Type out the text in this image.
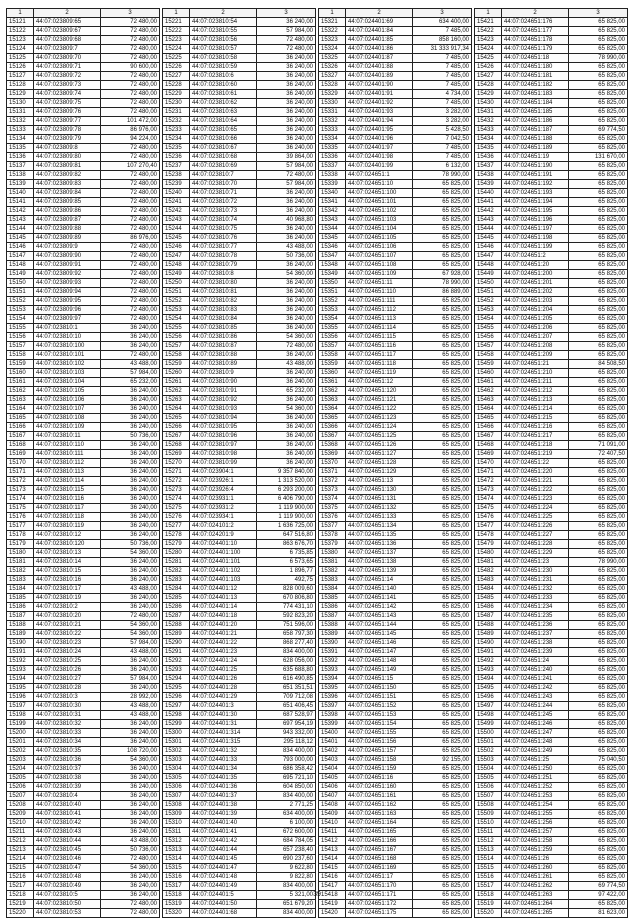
1	2	3
15121	44:07:023809:65	72 480,00
15122	44:07:023809:67	72 480,00
15123	44:07:023809:68	72 480,00
15124	44:07:023809:7	72 480,00
15125	44:07:023809:70	72 480,00
15126	44:07:023809:71	90 600,00
15127	44:07:023809:72	72 480,00
15128	44:07:023809:73	72 480,00
15129	44:07:023809:74	72 480,00
15130	44:07:023809:75	72 480,00
15131	44:07:023809:76	72 480,00
15132	44:07:023809:77	101 472,00
15133	44:07:023809:78	86 976,00
15134	44:07:023809:79	94 224,00
15135	44:07:023809:8	72 480,00
15136	44:07:023809:80	72 480,00
15137	44:07:023809:81	107 270,40
15138	44:07:023809:82	72 480,00
15139	44:07:023809:83	72 480,00
15140	44:07:023809:84	72 480,00
15141	44:07:023809:85	72 480,00
15142	44:07:023809:86	72 480,00
15143	44:07:023809:87	72 480,00
15144	44:07:023809:88	72 480,00
15145	44:07:023809:89	86 976,00
15146	44:07:023809:9	72 480,00
15147	44:07:023809:90	72 480,00
15148	44:07:023809:91	72 480,00
15149	44:07:023809:92	72 480,00
15150	44:07:023809:93	72 480,00
15151	44:07:023809:94	72 480,00
15152	44:07:023809:95	72 480,00
15153	44:07:023809:96	72 480,00
15154	44:07:023809:97	72 480,00
15155	44:07:023810:1	36 240,00
15156	44:07:023810:10	36 240,00
15157	44:07:023810:100	36 240,00
15158	44:07:023810:101	72 480,00
15159	44:07:023810:102	43 488,00
15160	44:07:023810:103	57 984,00
15161	44:07:023810:104	65 232,00
15162	44:07:023810:105	36 240,00
15163	44:07:023810:106	36 240,00
15164	44:07:023810:107	36 240,00
15165	44:07:023810:108	36 240,00
15166	44:07:023810:109	36 240,00
15167	44:07:023810:11	50 736,00
15168	44:07:023810:110	36 240,00
15169	44:07:023810:111	36 240,00
15170	44:07:023810:112	36 240,00
15171	44:07:023810:113	36 240,00
15172	44:07:023810:114	36 240,00
15173	44:07:023810:115	36 240,00
15174	44:07:023810:116	36 240,00
15175	44:07:023810:117	36 240,00
15176	44:07:023810:118	36 240,00
15177	44:07:023810:119	36 240,00
15178	44:07:023810:12	36 240,00
15179	44:07:023810:120	50 736,00
15180	44:07:023810:13	54 360,00
15181	44:07:023810:14	36 240,00
15182	44:07:023810:15	36 240,00
15183	44:07:023810:16	36 240,00
15184	44:07:023810:17	43 488,00
15185	44:07:023810:19	36 240,00
15186	44:07:023810:2	36 240,00
15187	44:07:023810:20	72 480,00
15188	44:07:023810:21	54 360,00
15189	44:07:023810:22	54 360,00
15190	44:07:023810:23	57 984,00
15191	44:07:023810:24	43 488,00
15192	44:07:023810:25	36 240,00
15193	44:07:023810:26	36 240,00
15194	44:07:023810:27	57 984,00
15195	44:07:023810:28	36 240,00
15196	44:07:023810:3	28 992,00
15197	44:07:023810:30	43 488,00
15198	44:07:023810:31	43 488,00
15199	44:07:023810:32	36 240,00
15200	44:07:023810:33	36 240,00
15201	44:07:023810:34	36 240,00
15202	44:07:023810:35	108 720,00
15203	44:07:023810:36	54 360,00
15204	44:07:023810:37	36 240,00
15205	44:07:023810:38	36 240,00
15206	44:07:023810:39	36 240,00
15207	44:07:023810:4	36 240,00
15208	44:07:023810:40	36 240,00
15209	44:07:023810:41	36 240,00
15210	44:07:023810:42	36 240,00
15211	44:07:023810:43	36 240,00
15212	44:07:023810:44	43 488,00
15213	44:07:023810:45	50 736,00
15214	44:07:023810:46	72 480,00
15215	44:07:023810:47	54 360,00
15216	44:07:023810:48	36 240,00
15217	44:07:023810:49	36 240,00
15218	44:07:023810:5	36 240,00
15219	44:07:023810:50	72 480,00
15220	44:07:023810:53	72 480,00
1	2	3
15221	44:07:023810:54	36 240,00
15222	44:07:023810:55	57 984,00
15223	44:07:023810:56	72 480,00
15224	44:07:023810:57	72 480,00
15225	44:07:023810:58	36 240,00
15226	44:07:023810:59	36 240,00
15227	44:07:023810:6	36 240,00
15228	44:07:023810:60	36 240,00
15229	44:07:023810:61	36 240,00
15230	44:07:023810:62	36 240,00
15231	44:07:023810:63	36 240,00
15232	44:07:023810:64	36 240,00
15233	44:07:023810:65	36 240,00
15234	44:07:023810:66	36 240,00
15235	44:07:023810:67	36 240,00
15236	44:07:023810:68	39 864,00
15237	44:07:023810:69	57 984,00
15238	44:07:023810:7	72 480,00
15239	44:07:023810:70	57 984,00
15240	44:07:023810:71	36 240,00
15241	44:07:023810:72	36 240,00
15242	44:07:023810:73	36 240,00
15243	44:07:023810:74	40 968,80
15244	44:07:023810:75	36 240,00
15245	44:07:023810:76	36 240,00
15246	44:07:023810:77	43 488,00
15247	44:07:023810:78	50 736,00
15248	44:07:023810:79	36 240,00
15249	44:07:023810:8	54 360,00
15250	44:07:023810:80	36 240,00
15251	44:07:023810:81	36 240,00
15252	44:07:023810:82	36 240,00
15253	44:07:023810:83	36 240,00
15254	44:07:023810:84	36 240,00
15255	44:07:023810:85	36 240,00
15256	44:07:023810:86	54 360,00
15257	44:07:023810:87	72 480,00
15258	44:07:023810:88	36 240,00
15259	44:07:023810:89	43 488,00
15260	44:07:023810:9	36 240,00
15261	44:07:023810:90	36 240,00
15262	44:07:023810:91	65 232,00
15263	44:07:023810:92	36 240,00
15264	44:07:023810:93	54 360,00
15265	44:07:023810:94	36 240,00
15266	44:07:023810:95	36 240,00
15267	44:07:023810:96	36 240,00
15268	44:07:023810:97	36 240,00
15269	44:07:023810:98	36 240,00
15270	44:07:023810:99	36 240,00
15271	44:07:023904:1	9 357 840,00
15272	44:07:023926:1	1 313 520,00
15273	44:07:023926:4	6 293 200,00
15274	44:07:023931:1	6 406 790,00
15275	44:07:023931:2	1 119 900,00
15276	44:07:023934:1	1 119 900,00
15277	44:07:024101:2	1 636 725,00
15278	44:07:024201:9	647 516,80
15279	44:07:024401:10	863 676,70
15280	44:07:024401:100	6 735,85
15281	44:07:024401:101	6 573,65
15282	44:07:024401:102	1 896,77
15283	44:07:024401:103	492,75
15284	44:07:024401:12	828 009,60
15285	44:07:024401:13	670 806,80
15286	44:07:024401:14	774 431,10
15287	44:07:024401:18	592 823,20
15288	44:07:024401:20	751 596,00
15289	44:07:024401:21	658 797,30
15290	44:07:024401:22	868 277,40
15291	44:07:024401:23	834 400,00
15292	44:07:024401:24	628 056,00
15293	44:07:024401:25	635 688,80
15294	44:07:024401:26	616 490,85
15295	44:07:024401:28	651 351,51
15296	44:07:024401:29	709 712,08
15297	44:07:024401:3	651 406,45
15298	44:07:024401:30	687 528,97
15299	44:07:024401:31	697 954,19
15300	44:07:024401:314	943 332,00
15301	44:07:024401:315	295 118,12
15302	44:07:024401:32	834 400,00
15303	44:07:024401:33	793 000,00
15304	44:07:024401:34	686 358,42
15305	44:07:024401:35	695 721,10
15306	44:07:024401:36	604 850,00
15307	44:07:024401:37	834 400,00
15308	44:07:024401:38	2 771,25
15309	44:07:024401:39	634 400,00
15310	44:07:024401:40	6 100,00
15311	44:07:024401:41	672 600,00
15312	44:07:024401:42	684 784,05
15313	44:07:024401:44	657 238,40
15314	44:07:024401:45	690 237,60
15315	44:07:024401:47	9 622,80
15316	44:07:024401:48	9 822,80
15317	44:07:024401:49	834 400,00
15318	44:07:024401:5	5 321,00
15319	44:07:024401:50	651 679,20
15320	44:07:024401:68	834 400,00
1	2	3
15321	44:07:024401:69	634 400,00
15322	44:07:024401:84	7 485,00
15323	44:07:024401:85	858 160,00
15324	44:07:024401:86	31 333 917,34
15325	44:07:024401:87	7 485,00
15326	44:07:024401:88	7 485,00
15327	44:07:024401:89	7 485,00
15328	44:07:024401:90	7 485,00
15329	44:07:024401:91	4 734,00
15330	44:07:024401:92	7 485,00
15331	44:07:024401:93	3 282,00
15332	44:07:024401:94	3 282,00
15333	44:07:024401:95	5 428,50
15334	44:07:024401:96	7 042,50
15335	44:07:024401:97	7 485,00
15336	44:07:024401:98	7 485,00
15337	44:07:024401:99	6 132,00
15338	44:07:024651:1	78 990,00
15339	44:07:024651:10	65 825,00
15340	44:07:024651:100	65 825,00
15341	44:07:024651:101	65 825,00
15342	44:07:024651:102	65 825,00
15343	44:07:024651:103	65 825,00
15344	44:07:024651:104	65 825,00
15345	44:07:024651:105	65 825,00
15346	44:07:024651:106	65 825,00
15347	44:07:024651:107	65 825,00
15348	44:07:024651:108	65 825,00
15349	44:07:024651:109	67 928,00
15350	44:07:024651:11	78 990,00
15351	44:07:024651:110	86 889,00
15352	44:07:024651:111	65 825,00
15353	44:07:024651:112	65 825,00
15354	44:07:024651:113	65 825,00
15355	44:07:024651:114	65 825,00
15356	44:07:024651:115	65 825,00
15357	44:07:024651:116	65 825,00
15358	44:07:024651:117	65 825,00
15359	44:07:024651:118	65 825,00
15360	44:07:024651:119	65 825,00
15361	44:07:024651:12	65 825,00
15362	44:07:024651:120	65 825,00
15363	44:07:024651:121	65 825,00
15364	44:07:024651:122	65 825,00
15365	44:07:024651:123	65 825,00
15366	44:07:024651:124	65 825,00
15367	44:07:024651:125	65 825,00
15368	44:07:024651:126	65 825,00
15369	44:07:024651:127	65 825,00
15370	44:07:024651:128	65 825,00
15371	44:07:024651:129	65 825,00
15372	44:07:024651:13	65 825,00
15373	44:07:024651:130	65 825,00
15374	44:07:024651:131	65 825,00
15375	44:07:024651:132	65 825,00
15376	44:07:024651:133	65 825,00
15377	44:07:024651:134	65 825,00
15378	44:07:024651:135	65 825,00
15379	44:07:024651:136	65 825,00
15380	44:07:024651:137	65 825,00
15381	44:07:024651:138	65 825,00
15382	44:07:024651:139	65 825,00
15383	44:07:024651:14	65 825,00
15384	44:07:024651:140	65 825,00
15385	44:07:024651:141	65 825,00
15386	44:07:024651:142	65 825,00
15387	44:07:024651:143	65 825,00
15388	44:07:024651:144	65 825,00
15389	44:07:024651:145	65 825,00
15390	44:07:024651:146	65 825,00
15391	44:07:024651:147	65 825,00
15392	44:07:024651:148	65 825,00
15393	44:07:024651:149	65 825,00
15394	44:07:024651:15	65 825,00
15395	44:07:024651:150	65 825,00
15396	44:07:024651:151	65 825,00
15397	44:07:024651:152	65 825,00
15398	44:07:024651:153	65 825,00
15399	44:07:024651:154	65 825,00
15400	44:07:024651:155	65 825,00
15401	44:07:024651:156	65 825,00
15402	44:07:024651:157	65 825,00
15403	44:07:024651:158	92 155,00
15404	44:07:024651:159	65 825,00
15405	44:07:024651:16	65 825,00
15406	44:07:024651:160	65 825,00
15407	44:07:024651:161	65 825,00
15408	44:07:024651:162	65 825,00
15409	44:07:024651:163	65 825,00
15410	44:07:024651:164	65 825,00
15411	44:07:024651:165	65 825,00
15412	44:07:024651:166	65 825,00
15413	44:07:024651:167	65 825,00
15414	44:07:024651:168	65 825,00
15415	44:07:024651:169	65 825,00
15416	44:07:024651:17	65 825,00
15417	44:07:024651:170	65 825,00
15418	44:07:024651:171	65 825,00
15419	44:07:024651:172	65 825,00
15420	44:07:024651:175	65 825,00
1	2	3
15421	44:07:024651:176	65 825,00
15422	44:07:024651:177	65 825,00
15423	44:07:024651:178	65 825,00
15424	44:07:024651:179	65 825,00
15425	44:07:024651:18	78 990,00
15426	44:07:024651:180	65 825,00
15427	44:07:024651:181	65 825,00
15428	44:07:024651:182	65 825,00
15429	44:07:024651:183	65 825,00
15430	44:07:024651:184	65 825,00
15431	44:07:024651:185	65 825,00
15432	44:07:024651:186	65 825,00
15433	44:07:024651:187	69 774,50
15434	44:07:024651:188	65 825,00
15435	44:07:024651:189	65 825,00
15436	44:07:024651:19	131 670,00
15437	44:07:024651:190	65 825,00
15438	44:07:024651:191	65 825,00
15439	44:07:024651:192	65 825,00
15440	44:07:024651:193	65 825,00
15441	44:07:024651:194	65 825,00
15442	44:07:024651:195	65 825,00
15443	44:07:024651:196	65 825,00
15444	44:07:024651:197	65 825,00
15445	44:07:024651:198	65 825,00
15446	44:07:024651:199	65 825,00
15447	44:07:024651:2	65 825,00
15448	44:07:024651:20	65 825,00
15449	44:07:024651:200	65 825,00
15450	44:07:024651:201	65 825,00
15451	44:07:024651:202	65 825,00
15452	44:07:024651:203	65 825,00
15453	44:07:024651:204	65 825,00
15454	44:07:024651:205	65 825,00
15455	44:07:024651:206	65 825,00
15456	44:07:024651:207	65 825,00
15457	44:07:024651:208	65 825,00
15458	44:07:024651:209	65 825,00
15459	44:07:024651:21	84 508,50
15460	44:07:024651:210	65 825,00
15461	44:07:024651:211	65 825,00
15462	44:07:024651:212	65 825,00
15463	44:07:024651:213	65 825,00
15464	44:07:024651:214	65 825,00
15465	44:07:024651:215	65 825,00
15466	44:07:024651:216	65 825,00
15467	44:07:024651:217	65 825,00
15468	44:07:024651:218	71 091,00
15469	44:07:024651:219	72 407,50
15470	44:07:024651:22	65 825,00
15471	44:07:024651:220	65 825,00
15472	44:07:024651:221	65 825,00
15473	44:07:024651:222	65 825,00
15474	44:07:024651:223	65 825,00
15475	44:07:024651:224	65 825,00
15476	44:07:024651:225	65 825,00
15477	44:07:024651:226	65 825,00
15478	44:07:024651:227	65 825,00
15479	44:07:024651:228	65 825,00
15480	44:07:024651:229	65 825,00
15481	44:07:024651:23	78 990,00
15482	44:07:024651:230	65 825,00
15483	44:07:024651:231	65 825,00
15484	44:07:024651:232	65 825,00
15485	44:07:024651:233	65 825,00
15486	44:07:024651:234	65 825,00
15487	44:07:024651:235	65 825,00
15488	44:07:024651:236	65 825,00
15489	44:07:024651:237	65 825,00
15490	44:07:024651:238	65 825,00
15491	44:07:024651:239	65 825,00
15492	44:07:024651:24	65 825,00
15493	44:07:024651:240	65 825,00
15494	44:07:024651:241	65 825,00
15495	44:07:024651:242	65 825,00
15496	44:07:024651:243	65 825,00
15497	44:07:024651:244	65 825,00
15498	44:07:024651:245	65 825,00
15499	44:07:024651:246	65 825,00
15500	44:07:024651:247	65 825,00
15501	44:07:024651:248	65 825,00
15502	44:07:024651:249	65 825,00
15503	44:07:024651:25	75 040,50
15504	44:07:024651:250	65 825,00
15505	44:07:024651:251	65 825,00
15506	44:07:024651:252	65 825,00
15507	44:07:024651:253	65 825,00
15508	44:07:024651:254	65 825,00
15509	44:07:024651:255	65 825,00
15510	44:07:024651:256	65 825,00
15511	44:07:024651:257	65 825,00
15512	44:07:024651:258	65 825,00
15513	44:07:024651:259	65 825,00
15514	44:07:024651:26	65 825,00
15515	44:07:024651:260	65 825,00
15516	44:07:024651:261	65 825,00
15517	44:07:024651:262	69 774,50
15518	44:07:024651:263	97 422,00
15519	44:07:024651:264	65 825,00
15520	44:07:024651:265	81 623,00
39
